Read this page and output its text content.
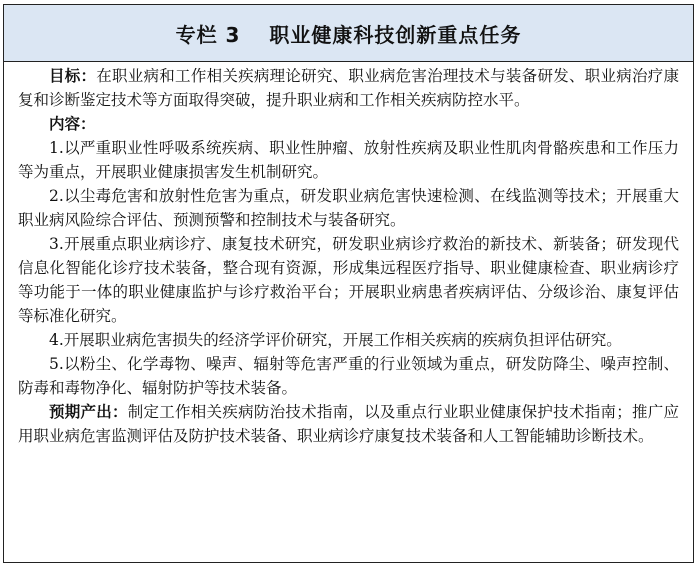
专栏 3　 职业健康科技创新重点任务

目标：在职业病和工作相关疾病理论研究、职业病危害治理技术与装备研发、职业病治疗康复和诊断鉴定技术等方面取得突破，提升职业病和工作相关疾病防控水平。

内容：

1.以严重职业性呼吸系统疾病、职业性肿瘤、放射性疾病及职业性肌肉骨骼疾患和工作压力等为重点，开展职业健康损害发生机制研究。

2.以尘毒危害和放射性危害为重点，研发职业病危害快速检测、在线监测等技术；开展重大职业病风险综合评估、预测预警和控制技术与装备研究。

3.开展重点职业病诊疗、康复技术研究，研发职业病诊疗救治的新技术、新装备；研发现代信息化智能化诊疗技术装备，整合现有资源，形成集远程医疗指导、职业健康检查、职业病诊疗等功能于一体的职业健康监护与诊疗救治平台；开展职业病患者疾病评估、分级诊治、康复评估等标准化研究。

4.开展职业病危害损失的经济学评价研究，开展工作相关疾病的疾病负担评估研究。

5.以粉尘、化学毒物、噪声、辐射等危害严重的行业领域为重点，研发防降尘、噪声控制、防毒和毒物净化、辐射防护等技术装备。

预期产出：制定工作相关疾病防治技术指南，以及重点行业职业健康保护技术指南；推广应用职业病危害监测评估及防护技术装备、职业病诊疗康复技术装备和人工智能辅助诊断技术。
